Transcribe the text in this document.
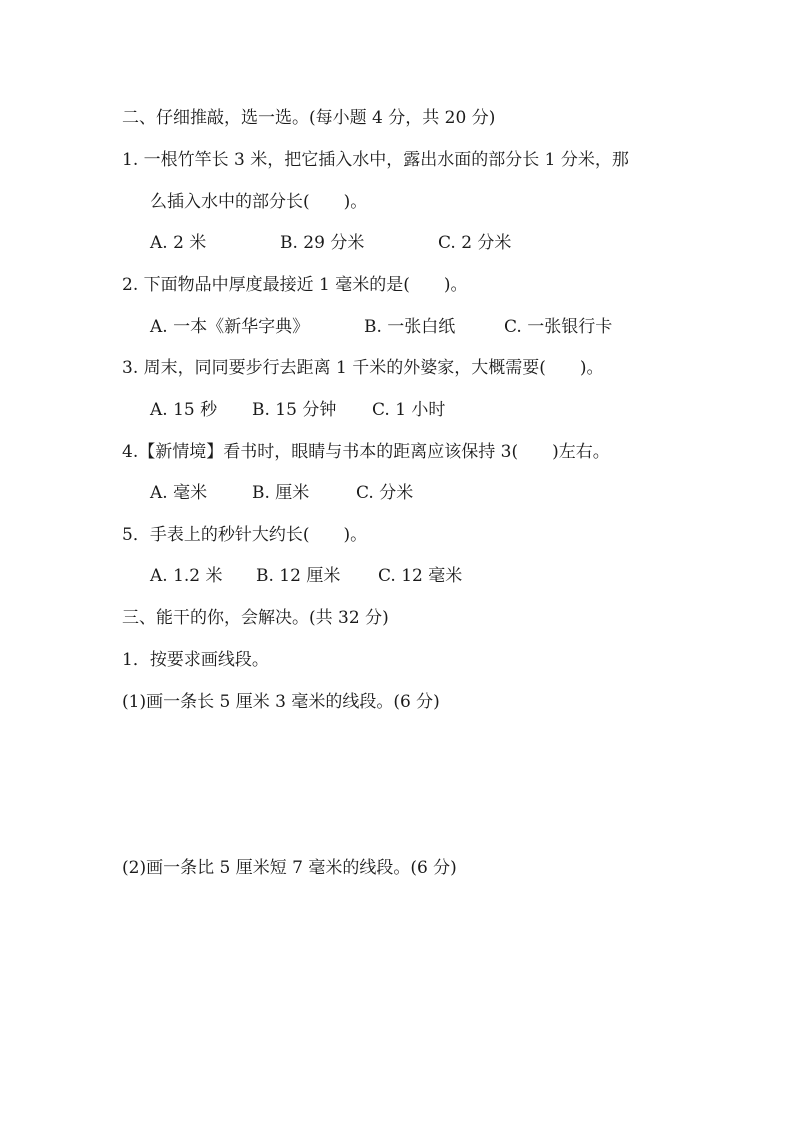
二、仔细推敲，选一选。(每小题 4 分，共 20 分)
1. 一根竹竿长 3 米，把它插入水中，露出水面的部分长 1 分米，那
么插入水中的部分长(　　)。
A. 2 米	B. 29 分米	C. 2 分米
2. 下面物品中厚度最接近 1 毫米的是(　　)。
A. 一本《新华字典》	B. 一张白纸	C. 一张银行卡
3. 周末，同同要步行去距离 1 千米的外婆家，大概需要(　　)。
A. 15 秒 B. 15 分钟 C. 1 小时
4.【新情境】看书时，眼睛与书本的距离应该保持 3(　　)左右。
A. 毫米	B. 厘米	C. 分米
5．手表上的秒针大约长(　　)。
A. 1.2 米 B. 12 厘米 C. 12 毫米
三、能干的你，会解决。(共 32 分)
1．按要求画线段。
(1)画一条长 5 厘米 3 毫米的线段。(6 分)
(2)画一条比 5 厘米短 7 毫米的线段。(6 分)
